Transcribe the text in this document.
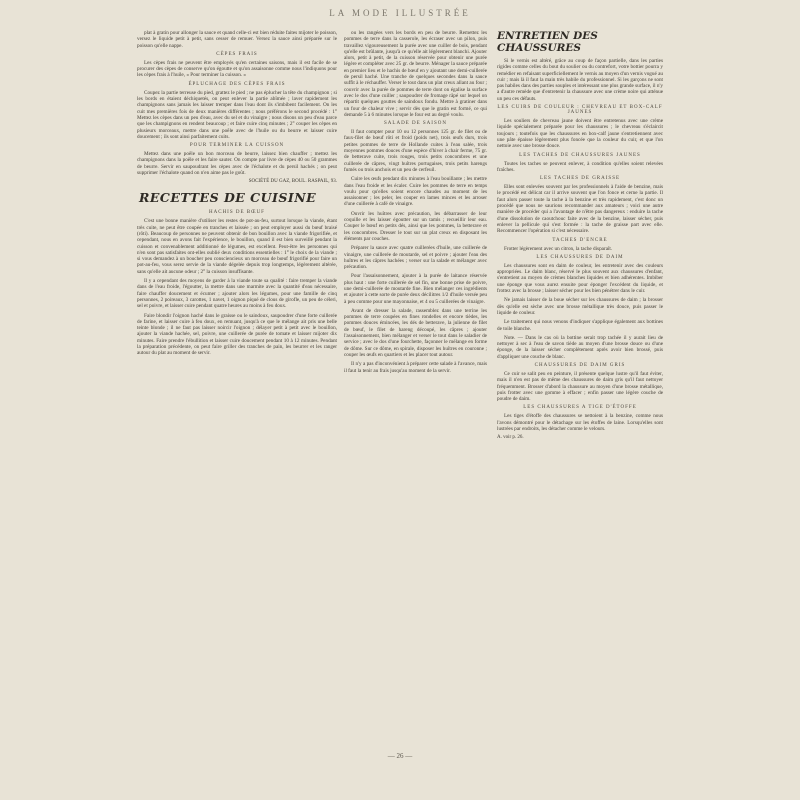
LA MODE ILLUSTRÉE

plat à gratin pour allonger la sauce et quand celle-ci est bien réduite faites mijoter le poisson, versez le liquide petit à petit, sans cesser de remuer. Versez la sauce ainsi préparée sur le poisson qu'elle nappe.

CÈPES FRAIS

Les cèpes frais ne peuvent être employés qu'en certaines saisons, mais il est facile de se procurer des cèpes de conserve qu'on égoutte et qu'on assaisonne comme nous l'indiquons pour les cèpes frais à l'huile, « Pour terminer la cuisson. »

ÉPLUCHAGE DES CÈPES FRAIS

Coupez la partie terreuse du pied, grattez le pied ; ne pas éplucher la tête du champignon ; si les bords en étaient déchiquetés, on peut enlever la partie abîmée ; laver rapidement les champignons sans jamais les laisser tremper dans l'eau dont ils s'imbibent facilement. On les cuit mes premières fois de deux manières différentes ; nous préférons le second procédé : 1° Mettez les cèpes dans un peu d'eau, avec du sel et du vinaigre ; nous disons un peu d'eau parce que les champignons en rendent beaucoup ; et faire cuire cinq minutes ; 2° couper les cèpes en plusieurs morceaux, mettre dans une poêle avec de l'huile ou du beurre et laisser cuire doucement ; ils sont ainsi parfaitement cuits.

POUR TERMINER LA CUISSON

Mettez dans une poêle un bon morceau de beurre, laissez bien chauffer ; mettez les champignons dans la poêle et les faire sauter. On compte par livre de cèpes 40 ou 50 grammes de beurre. Servir en saupoudrant les cèpes avec de l'échalote et du persil hachés ; on peut supprimer l'échalote quand on n'en aime pas le goût.

SOCIÉTÉ DU GAZ, BOUL. RASPAIL, 93.
RECETTES DE CUISINE
HACHIS DE BŒUF

C'est une bonne manière d'utiliser les restes de pot-au-feu, surtout lorsque la viande, étant très cuite, ne peut être coupée en tranches et laissée ; on peut employer aussi du bœuf braisé (rôti). Beaucoup de personnes ne peuvent obtenir de bon bouillon avec la viande frigorifiée, et cependant, nous en avons fait l'expérience, le bouillon, quand il est bien surveillé pendant la cuisson et convenablement additionné de légumes, est excellent. Peut-être les personnes qui n'en sont pas satisfaites ont-elles oublié deux conditions essentielles : 1° le choix de la viande ; si vous demandez à un boucher peu consciencieux un morceau de bœuf frigorifié pour faire un pot-au-feu, vous serez servie de la viande dégelée depuis trop longtemps, légèrement altérée, sans qu'elle ait aucune odeur ; 2° la cuisson insuffisante.

Il y a cependant des moyens de garder à la viande toute sa qualité : faire tremper la viande dans de l'eau froide, l'égoutter, la mettre dans une marmite avec la quantité d'eau nécessaire, faire chauffer doucement et écumer ; ajouter alors les légumes, pour une famille de cinq personnes, 2 poireaux, 3 carottes, 1 navet, 1 oignon piqué de clous de girofle, un peu de céleri, sel et poivre, et laisser cuire pendant quatre heures au moins à feu doux.

Faire blondir l'oignon haché dans le graisse ou le saindoux, saupoudrer d'une forte cuillerée de farine, et laisser cuire à feu doux, en remuant, jusqu'à ce que le mélange ait pris une belle teinte blonde ; il ne faut pas laisser noircir l'oignon ; délayer petit à petit avec le bouillon, ajouter la viande hachée, sel, poivre, une cuillerée de purée de tomate et laisser mijoter dix minutes. Faire prendre l'ébullition et laisser cuire doucement pendant 10 à 12 minutes. Pendant la préparation précédente, on peut faire griller des tranches de pain, les beurrer et les ranger autour du plat au moment de servir.

ou les rangées vers les bords en peu de beurre. Remettez les pommes de terre dans la casserole, les écraser avec un pilon, puis travaillez vigoureusement la purée avec une cuiller de bois, pendant qu'elle est brûlante, jusqu'à ce qu'elle ait légèrement blanchi. Ajouter alors, petit à petit, de la cuisson réservée pour obtenir une purée légère et compléter avec 25 gr. de beurre. Ménager la sauce préparée en premier lieu et le hachis de bœuf en y ajoutant une demi-cuillerée de persil haché. Une tranche de quelques secondes dans la sauce suffit à le réchauffer. Verser le tout dans un plat creux allant au four ; couvrir avec la purée de pommes de terre dont on égalise la surface avec le dos d'une cuiller ; saupoudrer de fromage râpé sur lequel on répartit quelques gouttes de saindoux fondu. Mettre à gratiner dans un four de chaleur vive ; servir dès que le gratin est formé, ce qui demande 5 à 6 minutes lorsque le four est au degré voulu.

SALADE DE SAISON

Il faut compter pour 10 ou 12 personnes 125 gr. de filet ou de faux-filet de bœuf rôti et froid (poids net), trois œufs durs, trois petites pommes de terre de Hollande cuites à l'eau salée, trois moyennes pommes douces d'une espèce d'hiver à chair ferme, 75 gr. de betterave cuite, trois rouges, trois petits concombres et une cuillerée de câpres, vingt huîtres portugaises, trois petits harengs fumés ou trois anchois et un peu de cerfeuil.

Cuire les œufs pendant dix minutes à l'eau bouillante ; les mettre dans l'eau froide et les écaler. Cuire les pommes de terre en temps voulu pour qu'elles soient encore chaudes au moment de les assaisonner ; les peler, les couper en lames minces et les arroser d'une cuillerée à café de vinaigre.

Ouvrir les huîtres avec précaution, les débarrasser de leur coquille et les laisser égoutter sur un tamis ; recueillir leur eau. Couper le bœuf en petits dés, ainsi que les pommes, la betterave et les concombres. Dresser le tout sur un plat creux en disposant les éléments par couches.

Préparer la sauce avec quatre cuillerées d'huile, une cuillerée de vinaigre, une cuillerée de moutarde, sel et poivre ; ajouter l'eau des huîtres et les câpres hachées ; verser sur la salade et mélanger avec précaution.

Pour l'assaisonnement, ajouter à la purée de laitance réservée plus haut : une forte cuillerée de sel fin, une bonne prise de poivre, une demi-cuillerée de moutarde fine. Bien mélanger ces ingrédients et ajouter à cette sorte de purée deux décilitres 1/2 d'huile versée peu à peu comme pour une mayonnaise, et 4 ou 5 cuillerées de vinaigre.

Avant de dresser la salade, rassemblez dans une terrine les pommes de terre coupées en fines rondelles et encore tièdes, les pommes douces émincées, les dés de betterave, la julienne de filet de bœuf, le filet de hareng découpé, les câpres ; ajouter l'assaisonnement, bien mélanger et verser le tout dans le saladier de service ; avec le dos d'une fourchette, façonner le mélange en forme de dôme. Sur ce dôme, en spirale, disposer les huîtres en couronne ; couper les œufs en quartiers et les placer tout autour.

Il n'y a pas d'inconvénient à préparer cette salade à l'avance, mais il faut la tenir au frais jusqu'au moment de la servir.

ENTRETIEN DES CHAUSSURES

Si le vernis est altéré, grâce au coup de façon partielle, dans les parties rigides comme celles du bout du soulier ou du contrefort, votre bottier pourra y remédier en refaisant superficiellement le vernis au moyen d'un vernis vogué au cuir ; mais là il faut la main très habile du professionnel. Si les garçons ne sont pas habiles dans des parties souples et intéressant une plus grande surface, il n'y a d'autre remède que d'entretenir la chaussure avec une crème noire qui atténue un peu ces défauts.

LES CUIRS DE COULEUR : CHEVREAU ET BOX-CALF JAUNES

Les souliers de chevreau jaune doivent être entretenus avec une crème liquide spécialement préparée pour les chaussures ; le chevreau s'éclaircit toujours ; toutefois que les chaussures en box-calf jaune s'entretiennent avec une pâte épaisse légèrement plus foncée que la couleur du cuir, et que l'on nettoie avec une brosse douce.

LES TACHES DE CHAUSSURES JAUNES

Toutes les taches se peuvent enlever, à condition qu'elles soient relevées fraîches.

LES TACHES DE GRAISSE

Elles sont enlevées souvent par les professionnels à l'aide de benzine, mais le procédé est délicat car il arrive souvent que l'on fonce et cerne la partie. Il faut alors passer toute la tache à la benzine et très rapidement, c'est donc un procédé que nous ne saurions recommander aux amateurs ; voici une autre manière de procéder qui a l'avantage de n'être pas dangereux : enduire la tache d'une dissolution de caoutchouc faite avec de la benzine, laisser sécher, puis enlever la pellicule qui s'est formée : la tache de graisse part avec elle. Recommencer l'opération si c'est nécessaire.

TACHES D'ENCRE

Frotter légèrement avec un citron, la tache disparaît.

LES CHAUSSURES DE DAIM

Les chaussures sont en daim de couleur, les entretenir avec des couleurs appropriées. Le daim blanc, réservé le plus souvent aux chaussures d'enfant, s'entretient au moyen de crèmes blanches liquides et bien adhérentes. Imbiber une éponge que vous aurez ensuite pour éponger l'excédent du liquide, et frottez avec la brosse ; laisser sécher pour les bien pénétrer dans le cuir.

Ne jamais laisser de la boue sécher sur les chaussures de daim ; la brosser dès qu'elle est sèche avec une brosse métallique très douce, puis passer le liquide de couleur.

Le traitement qui nous venons d'indiquer s'applique également aux bottines de toile blanche.

Note. — Dans le cas où la bottine serait trop tachée il y aurait lieu de nettoyer à sec à l'eau de savon tiède au moyen d'une brosse douce ou d'une éponge, de la laisser sécher complètement après avoir bien brossé, puis d'appliquer une couche de blanc.

CHAUSSURES DE DAIM GRIS

Ce cuir se salit peu en peinture, il présente quelque lustre qu'il faut éviter, mais il n'en est pas de même des chaussures de daim gris qu'il faut nettoyer fréquemment. Brosser d'abord la chaussure au moyen d'une brosse métallique, puis frotter avec une gomme à effacer ; enfin passer une légère couche de poudre de daim.

LES CHAUSSURES A TIGE D'ÉTOFFE

Les tiges d'étoffe des chaussures se nettoient à la benzine, comme nous l'avons démontré pour le détachage sur les étoffes de laine. Lorsqu'elles sont lustrées par endroits, les détacher comme le velours.

A. voir p. 26.
— 26 —
